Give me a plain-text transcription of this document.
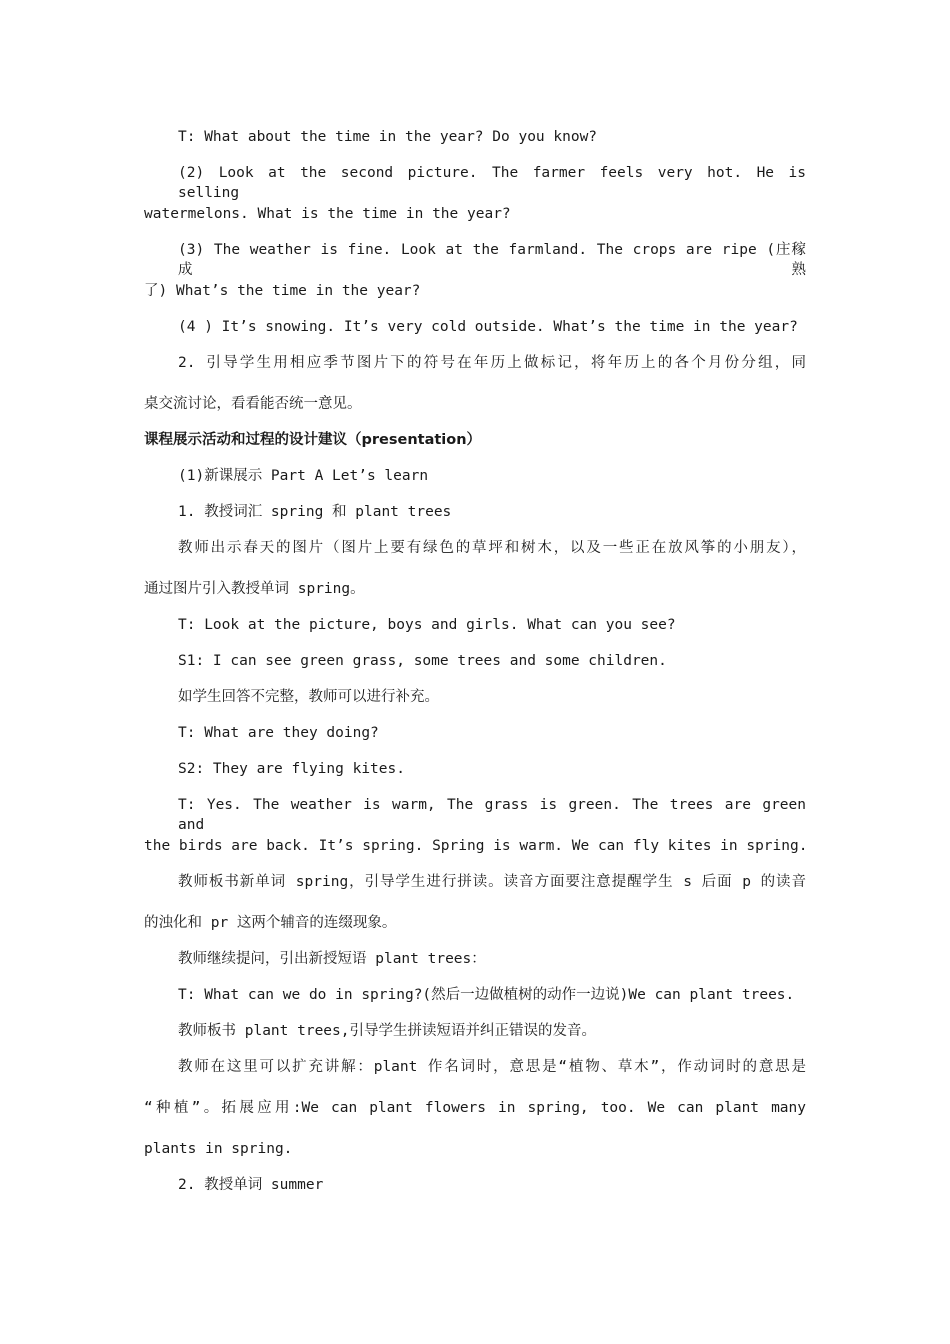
T: What about the time in the year? Do you know?
(2) Look at the second picture. The farmer feels very hot. He is selling
watermelons. What is the time in the year?
(3) The weather is fine. Look at the farmland. The crops are ripe (庄稼成熟
了) What’s the time in the year?
(4 ) It’s snowing. It’s very cold outside. What’s the time in the year?
2. 引导学生用相应季节图片下的符号在年历上做标记，将年历上的各个月份分组，同
桌交流讨论，看看能否统一意见。
课程展示活动和过程的设计建议（presentation）
(1)新课展示 Part A Let’s learn
1. 教授词汇 spring 和 plant trees
教师出示春天的图片（图片上要有绿色的草坪和树木，以及一些正在放风筝的小朋友），
通过图片引入教授单词 spring。
T: Look at the picture, boys and girls. What can you see?
S1: I can see green grass, some trees and some children.
如学生回答不完整，教师可以进行补充。
T: What are they doing?
S2: They are flying kites.
T: Yes. The weather is warm, The grass is green. The trees are green and
the birds are back. It’s spring. Spring is warm. We can fly kites in spring.
教师板书新单词 spring，引导学生进行拼读。读音方面要注意提醒学生 s 后面 p 的读音
的浊化和 pr 这两个辅音的连缀现象。
教师继续提问，引出新授短语 plant trees：
T: What can we do in spring?(然后一边做植树的动作一边说)We can plant trees.
教师板书 plant trees,引导学生拼读短语并纠正错误的发音。
教师在这里可以扩充讲解：plant 作名词时，意思是“植物、草木”，作动词时的意思是
“种植”。拓展应用:We can plant flowers in spring, too. We can plant many
plants in spring.
2. 教授单词 summer
